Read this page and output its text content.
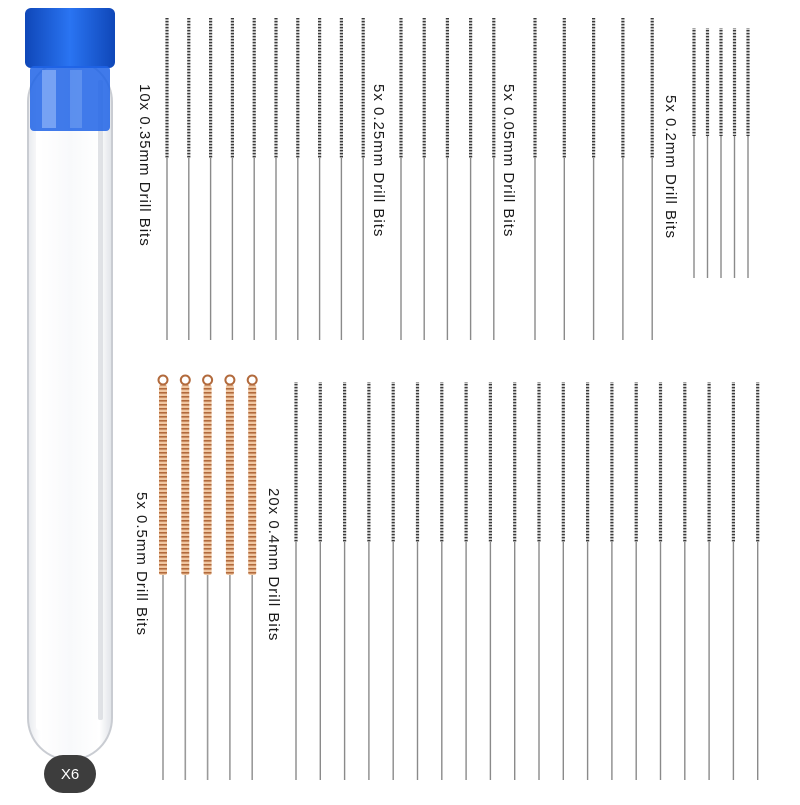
10x 0.35mm Drill Bits	5x 0.25mm Drill Bits	5x 0.05mm Drill Bits	5x 0.2mm Drill Bits
5x 0.5mm Drill Bits	20x 0.4mm Drill Bits
X6
